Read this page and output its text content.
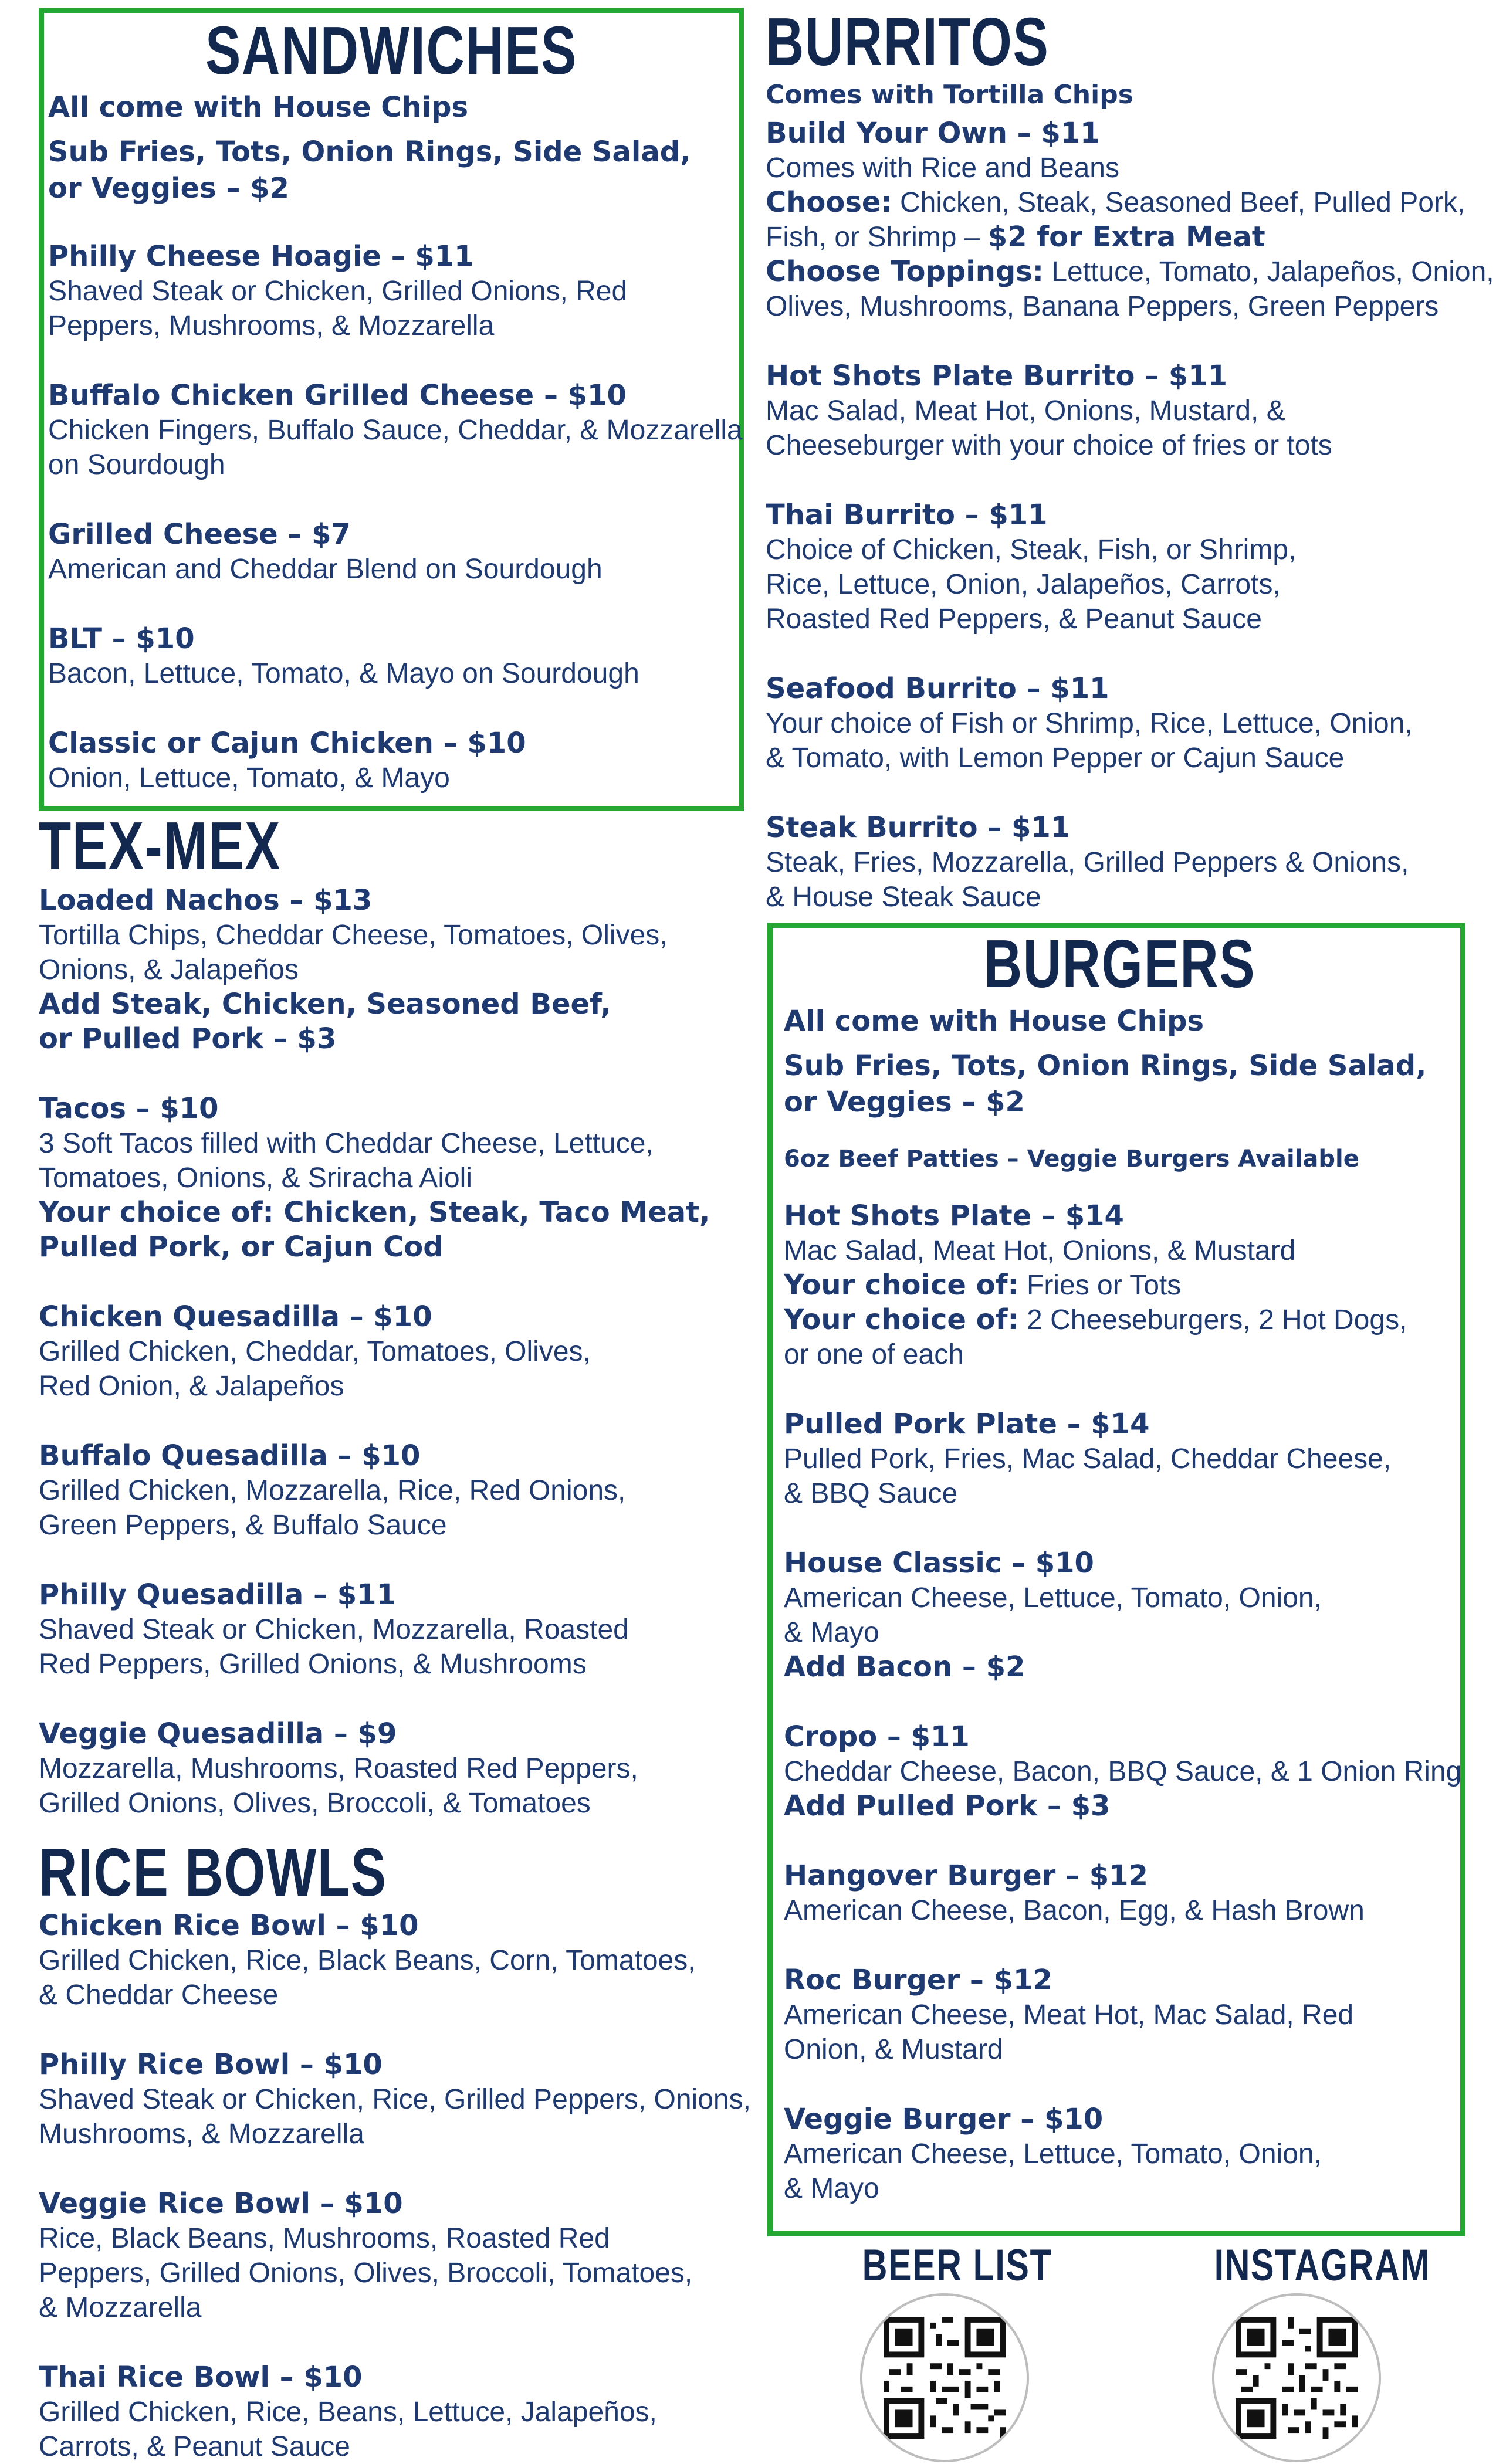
SANDWICHES
All come with House Chips
Sub Fries, Tots, Onion Rings, Side Salad,
or Veggies – $2
Philly Cheese Hoagie – $11
Shaved Steak or Chicken, Grilled Onions, Red
Peppers, Mushrooms, & Mozzarella
Buffalo Chicken Grilled Cheese – $10
Chicken Fingers, Buffalo Sauce, Cheddar, & Mozzarella
on Sourdough
Grilled Cheese – $7
American and Cheddar Blend on Sourdough
BLT – $10
Bacon, Lettuce, Tomato, & Mayo on Sourdough
Classic or Cajun Chicken – $10
Onion, Lettuce, Tomato, & Mayo
TEX-MEX
Loaded Nachos – $13
Tortilla Chips, Cheddar Cheese, Tomatoes, Olives,
Onions, & Jalapeños
Add Steak, Chicken, Seasoned Beef,
or Pulled Pork – $3
Tacos – $10
3 Soft Tacos filled with Cheddar Cheese, Lettuce,
Tomatoes, Onions, & Sriracha Aioli
Your choice of: Chicken, Steak, Taco Meat,
Pulled Pork, or Cajun Cod
Chicken Quesadilla – $10
Grilled Chicken, Cheddar, Tomatoes, Olives,
Red Onion, & Jalapeños
Buffalo Quesadilla – $10
Grilled Chicken, Mozzarella, Rice, Red Onions,
Green Peppers, & Buffalo Sauce
Philly Quesadilla – $11
Shaved Steak or Chicken, Mozzarella, Roasted
Red Peppers, Grilled Onions, & Mushrooms
Veggie Quesadilla – $9
Mozzarella, Mushrooms, Roasted Red Peppers,
Grilled Onions, Olives, Broccoli, & Tomatoes
RICE BOWLS
Chicken Rice Bowl – $10
Grilled Chicken, Rice, Black Beans, Corn, Tomatoes,
& Cheddar Cheese
Philly Rice Bowl – $10
Shaved Steak or Chicken, Rice, Grilled Peppers, Onions,
Mushrooms, & Mozzarella
Veggie Rice Bowl – $10
Rice, Black Beans, Mushrooms, Roasted Red
Peppers, Grilled Onions, Olives, Broccoli, Tomatoes,
& Mozzarella
Thai Rice Bowl – $10
Grilled Chicken, Rice, Beans, Lettuce, Jalapeños,
Carrots, & Peanut Sauce
BURRITOS
Comes with Tortilla Chips
Build Your Own – $11
Comes with Rice and Beans
Choose: Chicken, Steak, Seasoned Beef, Pulled Pork,
Fish, or Shrimp – $2 for Extra Meat
Choose Toppings: Lettuce, Tomato, Jalapeños, Onion,
Olives, Mushrooms, Banana Peppers, Green Peppers
Hot Shots Plate Burrito – $11
Mac Salad, Meat Hot, Onions, Mustard, &
Cheeseburger with your choice of fries or tots
Thai Burrito – $11
Choice of Chicken, Steak, Fish, or Shrimp,
Rice, Lettuce, Onion, Jalapeños, Carrots,
Roasted Red Peppers, & Peanut Sauce
Seafood Burrito – $11
Your choice of Fish or Shrimp, Rice, Lettuce, Onion,
& Tomato, with Lemon Pepper or Cajun Sauce
Steak Burrito – $11
Steak, Fries, Mozzarella, Grilled Peppers & Onions,
& House Steak Sauce
BURGERS
All come with House Chips
Sub Fries, Tots, Onion Rings, Side Salad,
or Veggies – $2
6oz Beef Patties – Veggie Burgers Available
Hot Shots Plate – $14
Mac Salad, Meat Hot, Onions, & Mustard
Your choice of: Fries or Tots
Your choice of: 2 Cheeseburgers, 2 Hot Dogs,
or one of each
Pulled Pork Plate – $14
Pulled Pork, Fries, Mac Salad, Cheddar Cheese,
& BBQ Sauce
House Classic – $10
American Cheese, Lettuce, Tomato, Onion,
& Mayo
Add Bacon – $2
Cropo – $11
Cheddar Cheese, Bacon, BBQ Sauce, & 1 Onion Ring
Add Pulled Pork – $3
Hangover Burger – $12
American Cheese, Bacon, Egg, & Hash Brown
Roc Burger – $12
American Cheese, Meat Hot, Mac Salad, Red
Onion, & Mustard
Veggie Burger – $10
American Cheese, Lettuce, Tomato, Onion,
& Mayo
BEER LIST	INSTAGRAM
